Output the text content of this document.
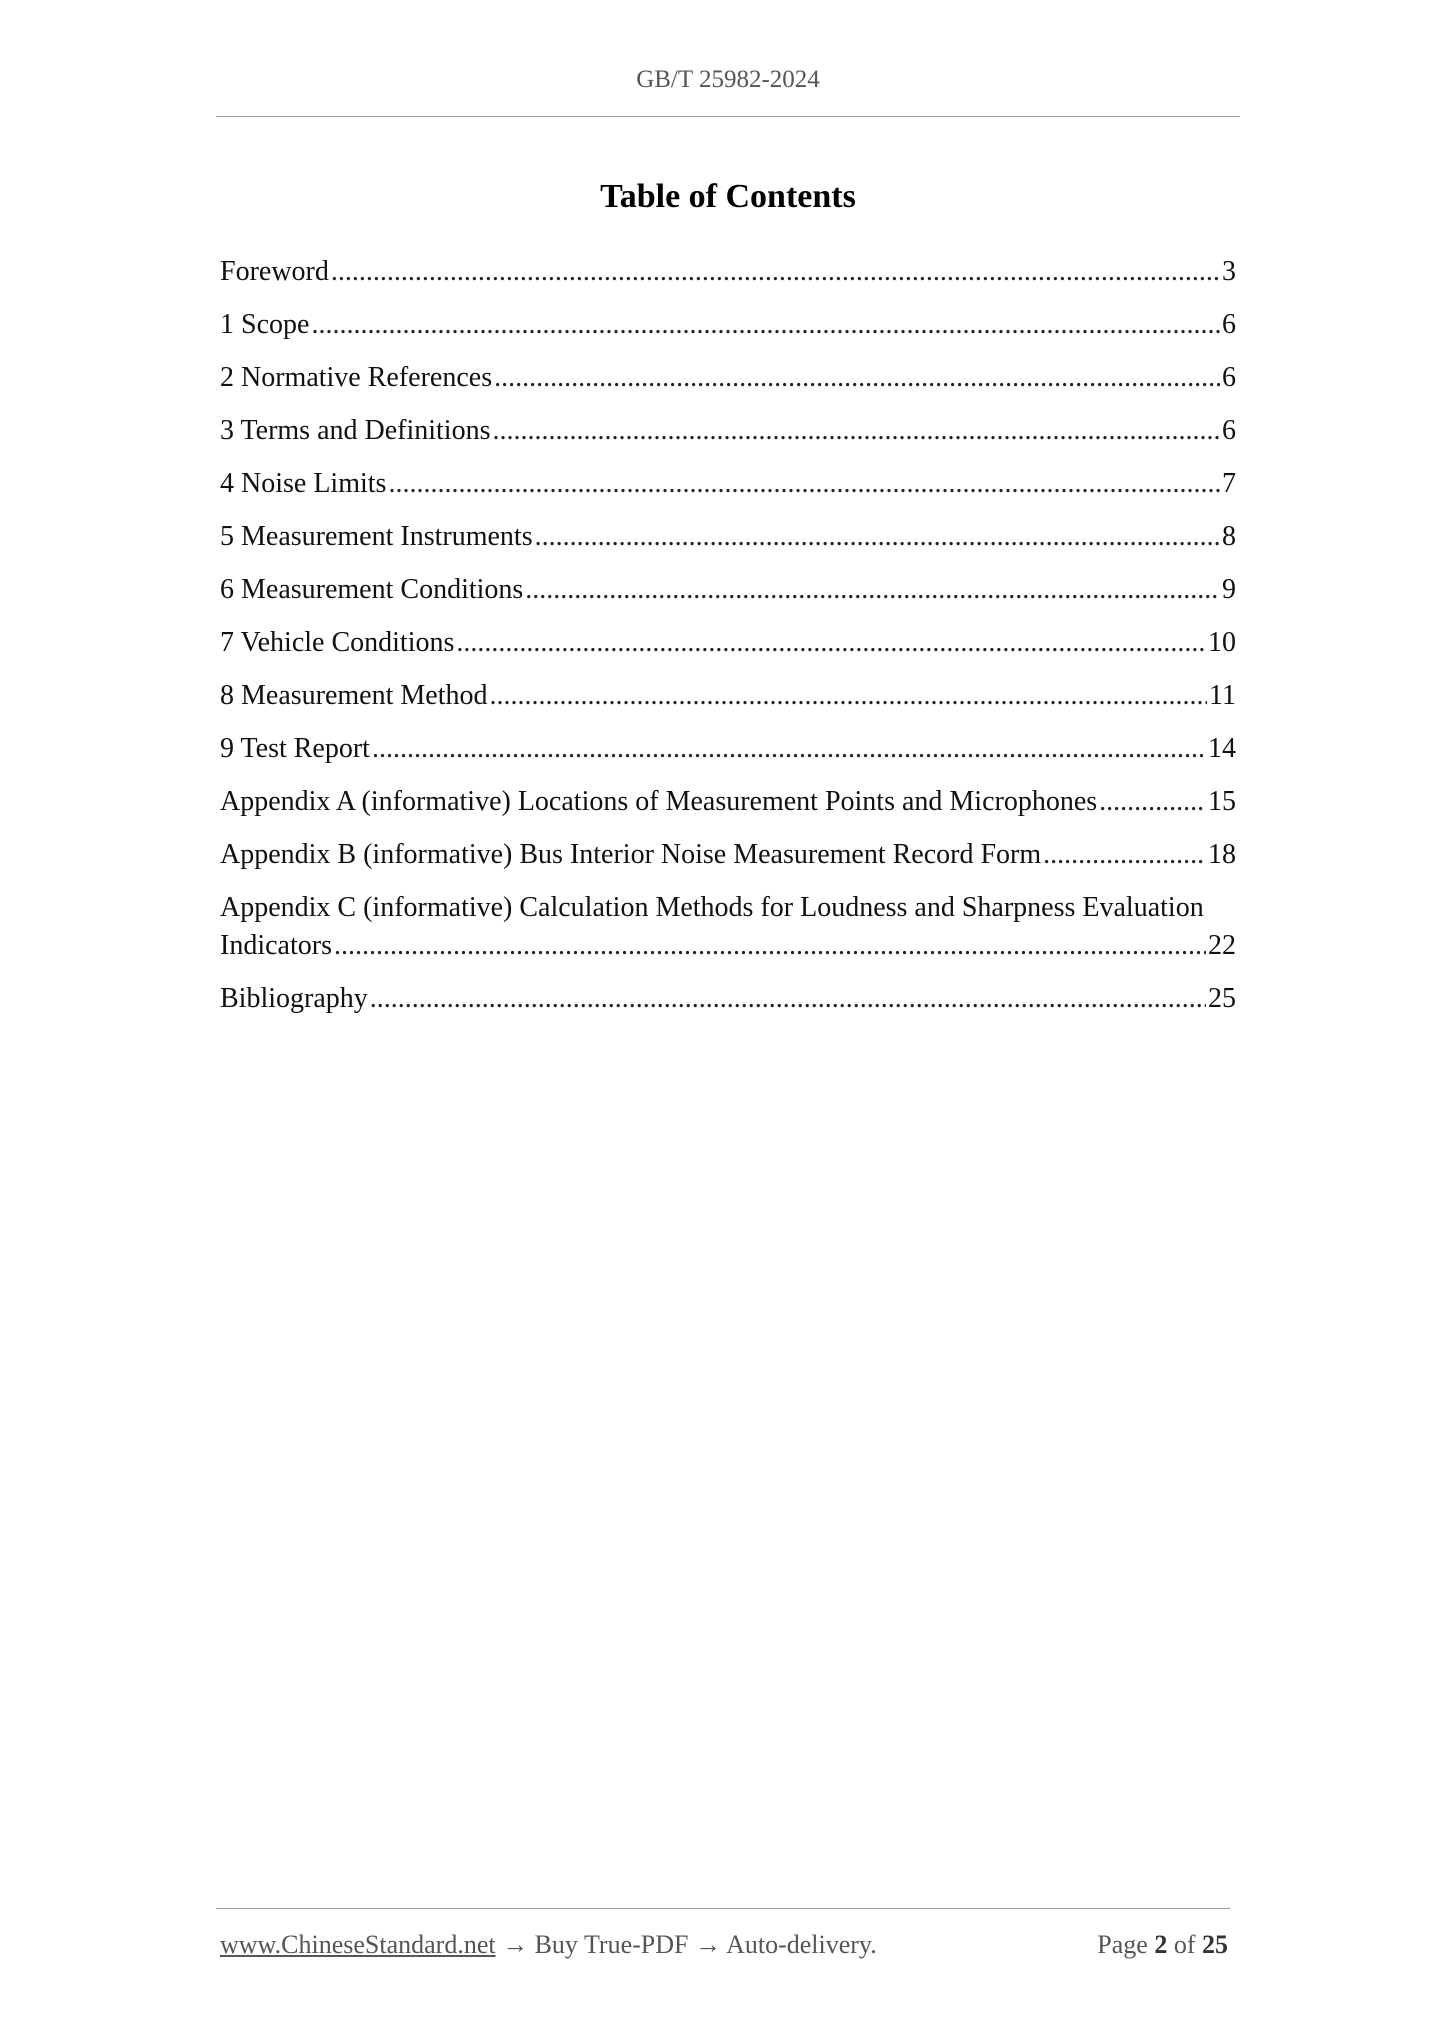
GB/T 25982-2024
Table of Contents
Foreword .....	3
1 Scope .....	6
2 Normative References .....	6
3 Terms and Definitions .....	6
4 Noise Limits .....	7
5 Measurement Instruments .....	8
6 Measurement Conditions .....	9
7 Vehicle Conditions .....	10
8 Measurement Method .....	11
9 Test Report .....	14
Appendix A (informative) Locations of Measurement Points and Microphones .....	15
Appendix B (informative) Bus Interior Noise Measurement Record Form .....	18
Appendix C (informative) Calculation Methods for Loudness and Sharpness Evaluation
Indicators .....	22
Bibliography .....	25
www.ChineseStandard.net → Buy True-PDF → Auto-delivery.	Page 2 of 25
